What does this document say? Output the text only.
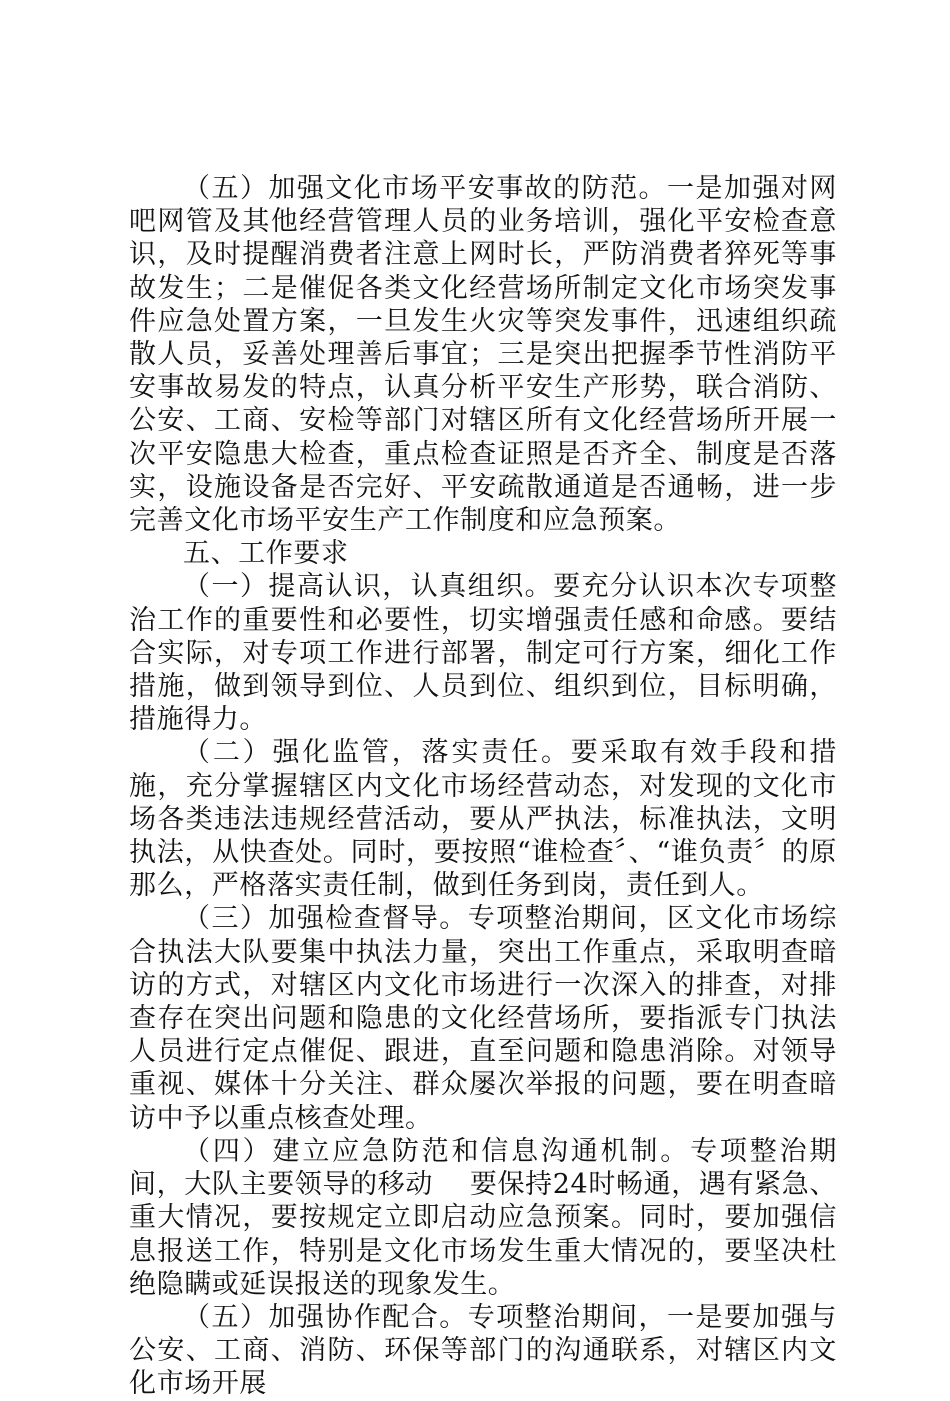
（五）加强文化市场平安事故的防范。一是加强对网吧网管及其他经营管理人员的业务培训，强化平安检查意识，及时提醒消费者注意上网时长，严防消费者猝死等事故发生；二是催促各类文化经营场所制定文化市场突发事件应急处置方案，一旦发生火灾等突发事件，迅速组织疏散人员，妥善处理善后事宜；三是突出把握季节性消防平安事故易发的特点，认真分析平安生产形势，联合消防、公安、工商、安检等部门对辖区所有文化经营场所开展一次平安隐患大检查，重点检查证照是否齐全、制度是否落实，设施设备是否完好、平安疏散通道是否通畅，进一步完善文化市场平安生产工作制度和应急预案。

五、工作要求

（一）提高认识，认真组织。要充分认识本次专项整治工作的重要性和必要性，切实增强责任感和命感。要结合实际，对专项工作进行部署，制定可行方案，细化工作措施，做到领导到位、人员到位、组织到位，目标明确，措施得力。

（二）强化监管，落实责任。要采取有效手段和措施，充分掌握辖区内文化市场经营动态，对发现的文化市场各类违法违规经营活动，要从严执法，标准执法，文明执法，从快查处。同时，要按照“谁检查〞、“谁负责〞的原那么，严格落实责任制，做到任务到岗，责任到人。

（三）加强检查督导。专项整治期间，区文化市场综合执法大队要集中执法力量，突出工作重点，采取明查暗访的方式，对辖区内文化市场进行一次深入的排查，对排查存在突出问题和隐患的文化经营场所，要指派专门执法人员进行定点催促、跟进，直至问题和隐患消除。对领导重视、媒体十分关注、群众屡次举报的问题，要在明查暗访中予以重点核查处理。

（四）建立应急防范和信息沟通机制。专项整治期间，大队主要领导的移动　 要保持24时畅通，遇有紧急、重大情况，要按规定立即启动应急预案。同时，要加强信息报送工作，特别是文化市场发生重大情况的，要坚决杜绝隐瞒或延误报送的现象发生。

（五）加强协作配合。专项整治期间，一是要加强与公安、工商、消防、环保等部门的沟通联系，对辖区内文化市场开展
